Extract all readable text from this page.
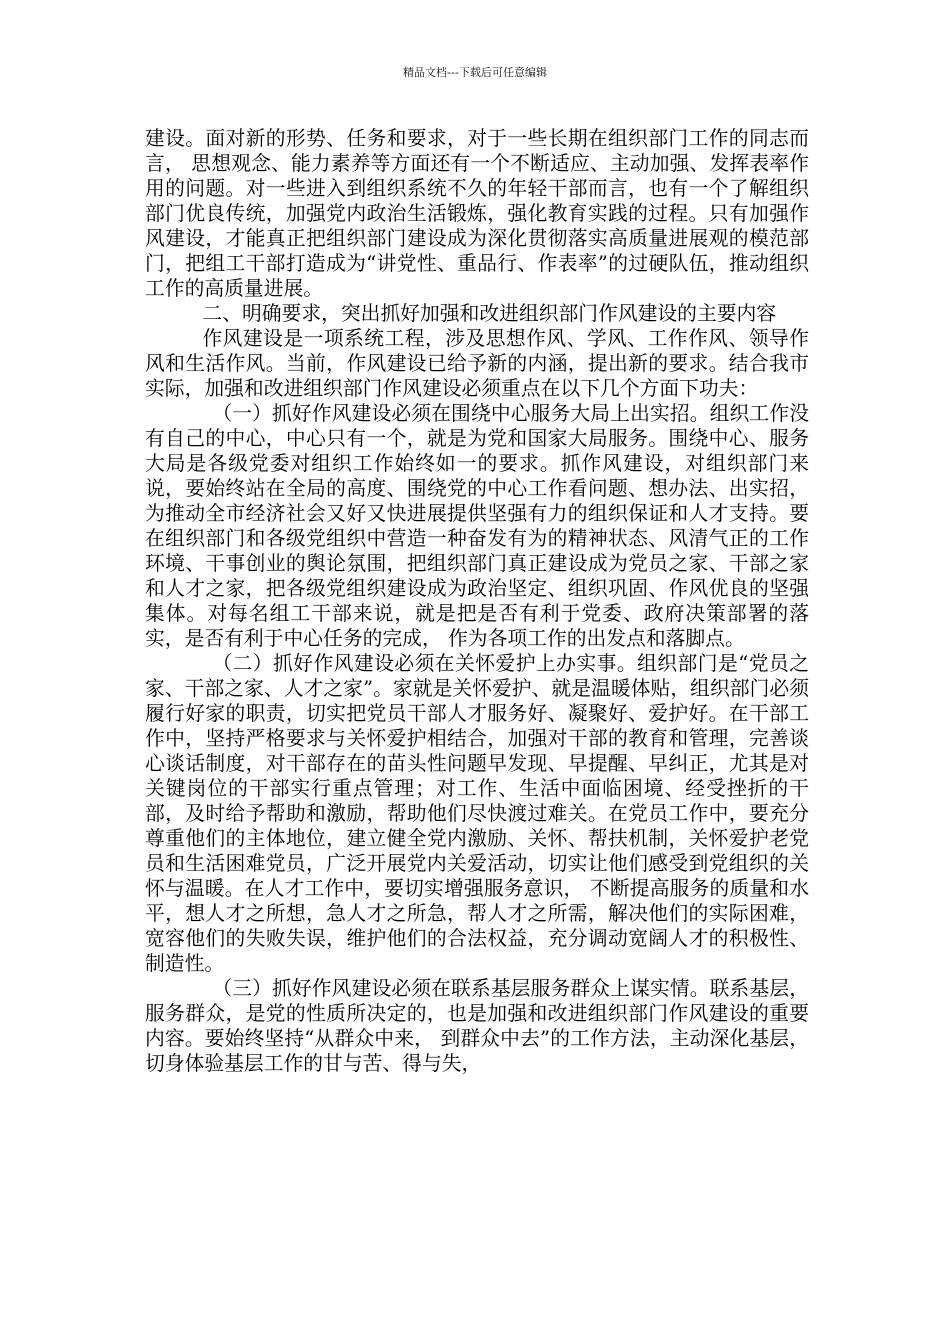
精品文档---下载后可任意编辑

建设。面对新的形势、任务和要求，对于一些长期在组织部门工作的同志而言， 思想观念、能力素养等方面还有一个不断适应、主动加强、发挥表率作用的问题。对一些进入到组织系统不久的年轻干部而言，也有一个了解组织部门优良传统，加强党内政治生活锻炼，强化教育实践的过程。只有加强作风建设，才能真正把组织部门建设成为深化贯彻落实高质量进展观的模范部门，把组工干部打造成为“讲党性、重品行、作表率”的过硬队伍，推动组织工作的高质量进展。

二、明确要求，突出抓好加强和改进组织部门作风建设的主要内容

作风建设是一项系统工程，涉及思想作风、学风、工作作风、领导作风和生活作风。当前，作风建设已给予新的内涵，提出新的要求。结合我市实际，加强和改进组织部门作风建设必须重点在以下几个方面下功夫：

（一）抓好作风建设必须在围绕中心服务大局上出实招。组织工作没有自己的中心，中心只有一个，就是为党和国家大局服务。围绕中心、服务大局是各级党委对组织工作始终如一的要求。抓作风建设，对组织部门来说，要始终站在全局的高度、围绕党的中心工作看问题、想办法、出实招，为推动全市经济社会又好又快进展提供坚强有力的组织保证和人才支持。要在组织部门和各级党组织中营造一种奋发有为的精神状态、风清气正的工作环境、干事创业的舆论氛围，把组织部门真正建设成为党员之家、干部之家和人才之家，把各级党组织建设成为政治坚定、组织巩固、作风优良的坚强集体。对每名组工干部来说，就是把是否有利于党委、政府决策部署的落实，是否有利于中心任务的完成， 作为各项工作的出发点和落脚点。

（二）抓好作风建设必须在关怀爱护上办实事。组织部门是“党员之家、干部之家、人才之家”。家就是关怀爱护、就是温暖体贴，组织部门必须履行好家的职责，切实把党员干部人才服务好、凝聚好、爱护好。在干部工作中，坚持严格要求与关怀爱护相结合，加强对干部的教育和管理，完善谈心谈话制度，对干部存在的苗头性问题早发现、早提醒、早纠正，尤其是对关键岗位的干部实行重点管理；对工作、生活中面临困境、经受挫折的干部，及时给予帮助和激励，帮助他们尽快渡过难关。在党员工作中，要充分尊重他们的主体地位，建立健全党内激励、关怀、帮扶机制，关怀爱护老党员和生活困难党员，广泛开展党内关爱活动，切实让他们感受到党组织的关怀与温暖。在人才工作中，要切实增强服务意识， 不断提高服务的质量和水平，想人才之所想，急人才之所急，帮人才之所需，解决他们的实际困难，宽容他们的失败失误，维护他们的合法权益，充分调动宽阔人才的积极性、制造性。

（三）抓好作风建设必须在联系基层服务群众上谋实情。联系基层， 服务群众，是党的性质所决定的，也是加强和改进组织部门作风建设的重要内容。要始终坚持“从群众中来， 到群众中去”的工作方法，主动深化基层，切身体验基层工作的甘与苦、得与失，
